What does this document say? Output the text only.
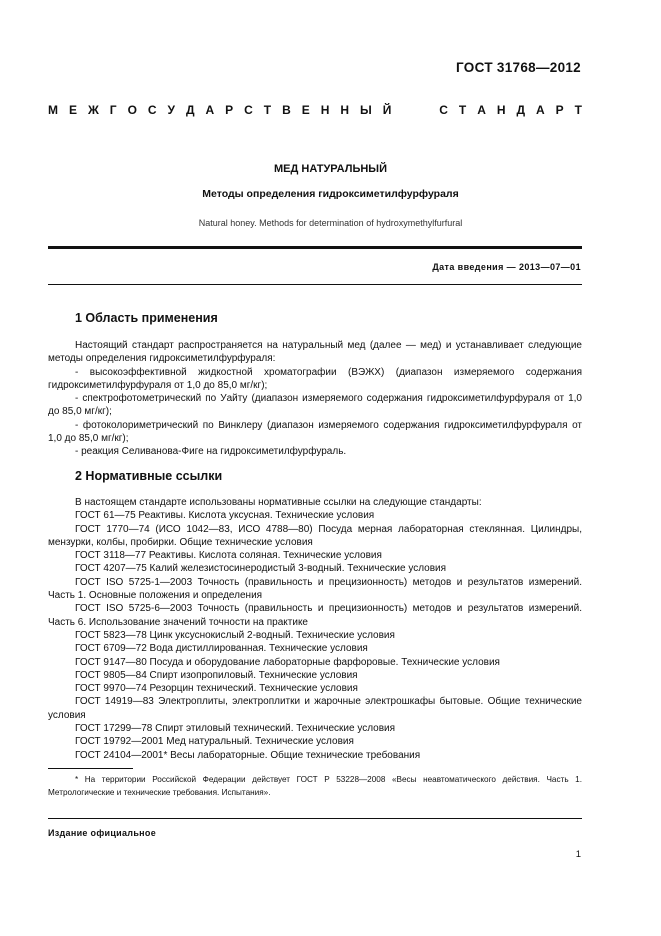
ГОСТ 31768—2012
М Е Ж Г О С У Д А Р С Т В Е Н Н Ы Й	С Т А Н Д А Р Т
МЕД НАТУРАЛЬНЫЙ
Методы определения гидроксиметилфурфураля
Natural honey. Methods for determination of hydroxymethylfurfural
Дата введения — 2013—07—01
1 Область применения

Настоящий стандарт распространяется на натуральный мед (далее — мед) и устанавливает следующие методы определения гидроксиметилфурфураля:

- высокоэффективной жидкостной хроматографии (ВЭЖХ) (диапазон измеряемого содержания гидроксиметилфурфураля от 1,0 до 85,0 мг/кг);

- спектрофотометрический по Уайту (диапазон измеряемого содержания гидроксиметилфурфураля от 1,0 до 85,0 мг/кг);

- фотоколориметрический по Винклеру (диапазон измеряемого содержания гидроксиметилфурфураля от 1,0 до 85,0 мг/кг);

- реакция Селиванова-Фиге на гидроксиметилфурфураль.

2 Нормативные ссылки

В настоящем стандарте использованы нормативные ссылки на следующие стандарты:

ГОСТ 61—75 Реактивы. Кислота уксусная. Технические условия

ГОСТ 1770—74 (ИСО 1042—83, ИСО 4788—80) Посуда мерная лабораторная стеклянная. Цилиндры, мензурки, колбы, пробирки. Общие технические условия

ГОСТ 3118—77 Реактивы. Кислота соляная. Технические условия

ГОСТ 4207—75 Калий железистосинеродистый 3-водный. Технические условия

ГОСТ ISO 5725-1—2003 Точность (правильность и прецизионность) методов и результатов измерений. Часть 1. Основные положения и определения

ГОСТ ISO 5725-6—2003 Точность (правильность и прецизионность) методов и результатов измерений. Часть 6. Использование значений точности на практике

ГОСТ 5823—78 Цинк уксуснокислый 2-водный. Технические условия

ГОСТ 6709—72 Вода дистиллированная. Технические условия

ГОСТ 9147—80 Посуда и оборудование лабораторные фарфоровые. Технические условия

ГОСТ 9805—84 Спирт изопропиловый. Технические условия

ГОСТ 9970—74 Резорцин технический. Технические условия

ГОСТ 14919—83 Электроплиты, электроплитки и жарочные электрошкафы бытовые. Общие технические условия

ГОСТ 17299—78 Спирт этиловый технический. Технические условия

ГОСТ 19792—2001 Мед натуральный. Технические условия

ГОСТ 24104—2001* Весы лабораторные. Общие технические требования

* На территории Российской Федерации действует ГОСТ Р 53228—2008 «Весы неавтоматического действия. Часть 1. Метрологические и технические требования. Испытания».

Издание официальное
1
